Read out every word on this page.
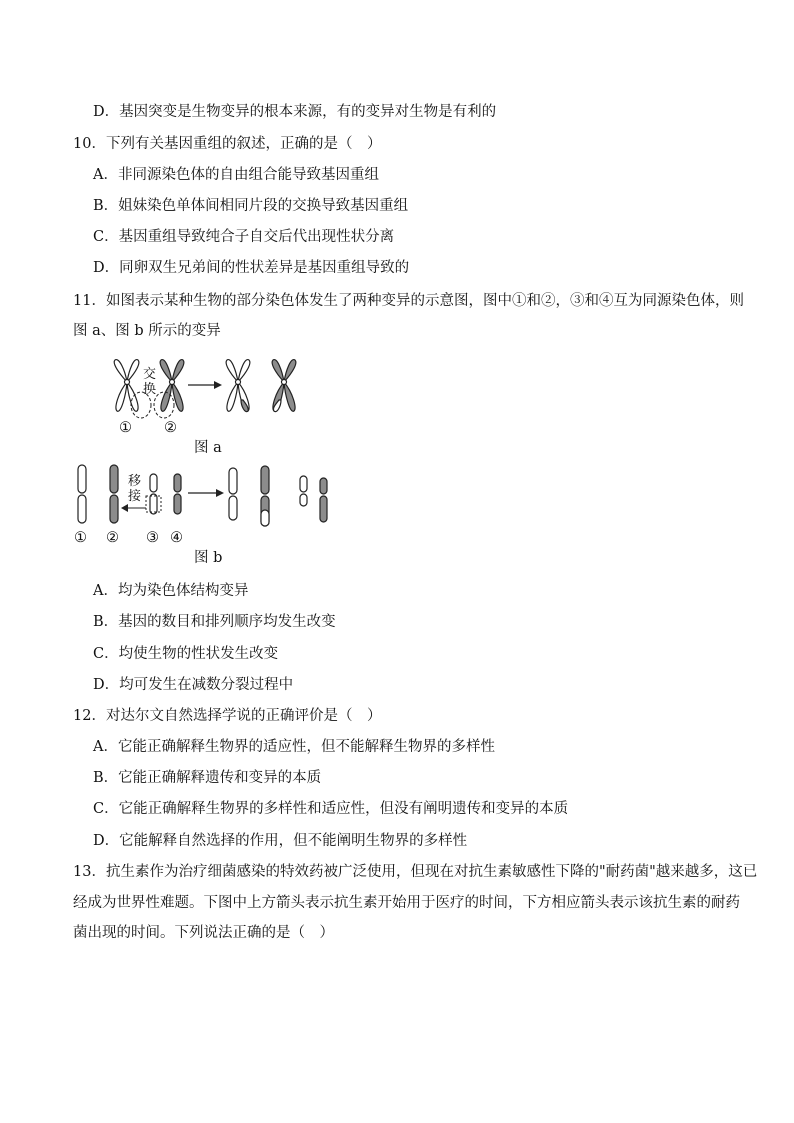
D．基因突变是生物变异的根本来源，有的变异对生物是有利的
10．下列有关基因重组的叙述，正确的是（　）
A．非同源染色体的自由组合能导致基因重组
B．姐妹染色单体间相同片段的交换导致基因重组
C．基因重组导致纯合子自交后代出现性状分离
D．同卵双生兄弟间的性状差异是基因重组导致的
11．如图表示某种生物的部分染色体发生了两种变异的示意图，图中①和②，③和④互为同源染色体，则
图 a、图 b 所示的变异
交换
① ②
图 a
移接
① ② ③ ④
图 b
A．均为染色体结构变异
B．基因的数目和排列顺序均发生改变
C．均使生物的性状发生改变
D．均可发生在减数分裂过程中
12．对达尔文自然选择学说的正确评价是（　）
A．它能正确解释生物界的适应性，但不能解释生物界的多样性
B．它能正确解释遗传和变异的本质
C．它能正确解释生物界的多样性和适应性，但没有阐明遗传和变异的本质
D．它能解释自然选择的作用，但不能阐明生物界的多样性
13．抗生素作为治疗细菌感染的特效药被广泛使用，但现在对抗生素敏感性下降的"耐药菌"越来越多，这已
经成为世界性难题。下图中上方箭头表示抗生素开始用于医疗的时间，下方相应箭头表示该抗生素的耐药
菌出现的时间。下列说法正确的是（　）
